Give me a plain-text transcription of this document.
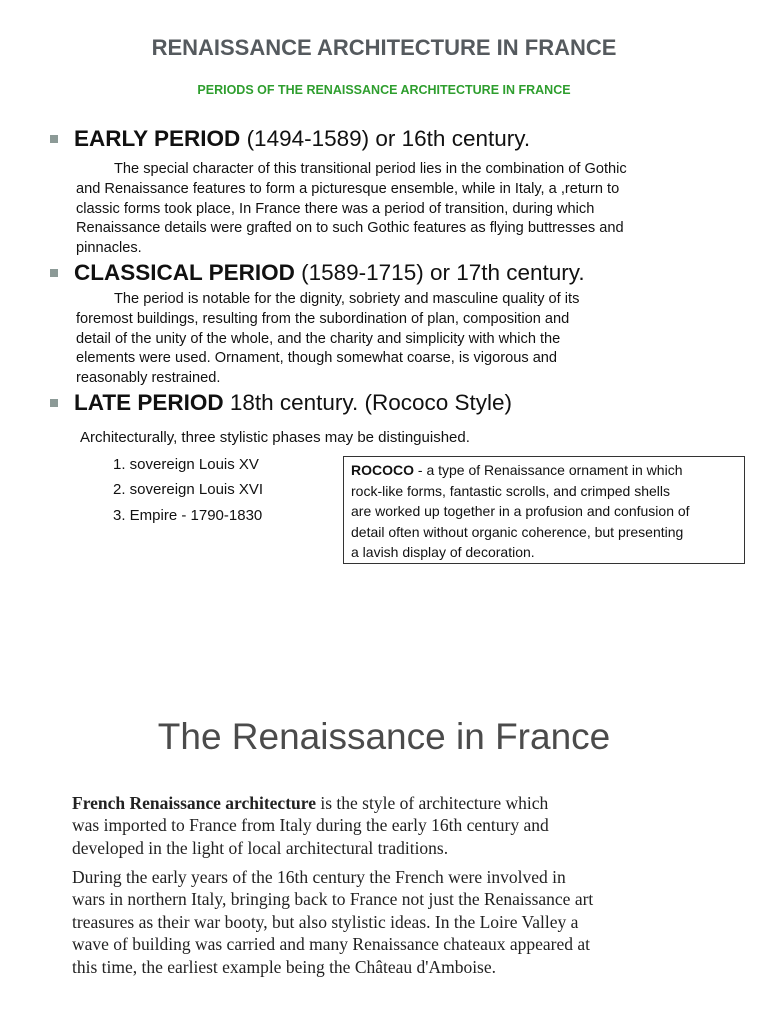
RENAISSANCE ARCHITECTURE IN FRANCE
PERIODS OF THE RENAISSANCE ARCHITECTURE IN FRANCE
EARLY PERIOD (1494-1589) or 16th century.
The special character of this transitional period lies in the combination of Gothic
and Renaissance features to form a picturesque ensemble, while in Italy, a ,return to
classic forms took place, In France there was a period of transition, during which
Renaissance details were grafted on to such Gothic features as flying buttresses and
pinnacles.
CLASSICAL PERIOD (1589-1715) or 17th century.
The period is notable for the dignity, sobriety and masculine quality of its
foremost buildings, resulting from the subordination of plan, composition and
detail of the unity of the whole, and the charity and simplicity with which the
elements were used. Ornament, though somewhat coarse, is vigorous and
reasonably restrained.
LATE PERIOD 18th century. (Rococo Style)
Architecturally, three stylistic phases may be distinguished.
1. sovereign Louis XV
2. sovereign Louis XVI
3. Empire - 1790-1830
ROCOCO - a type of Renaissance ornament in which
rock-like forms, fantastic scrolls, and crimped shells
are worked up together in a profusion and confusion of
detail often without organic coherence, but presenting
a lavish display of decoration.
The Renaissance in France
French Renaissance architecture is the style of architecture which
was imported to France from Italy during the early 16th century and
developed in the light of local architectural traditions.
During the early years of the 16th century the French were involved in
wars in northern Italy, bringing back to France not just the Renaissance art
treasures as their war booty, but also stylistic ideas. In the Loire Valley a
wave of building was carried and many Renaissance chateaux appeared at
this time, the earliest example being the Château d'Amboise.
